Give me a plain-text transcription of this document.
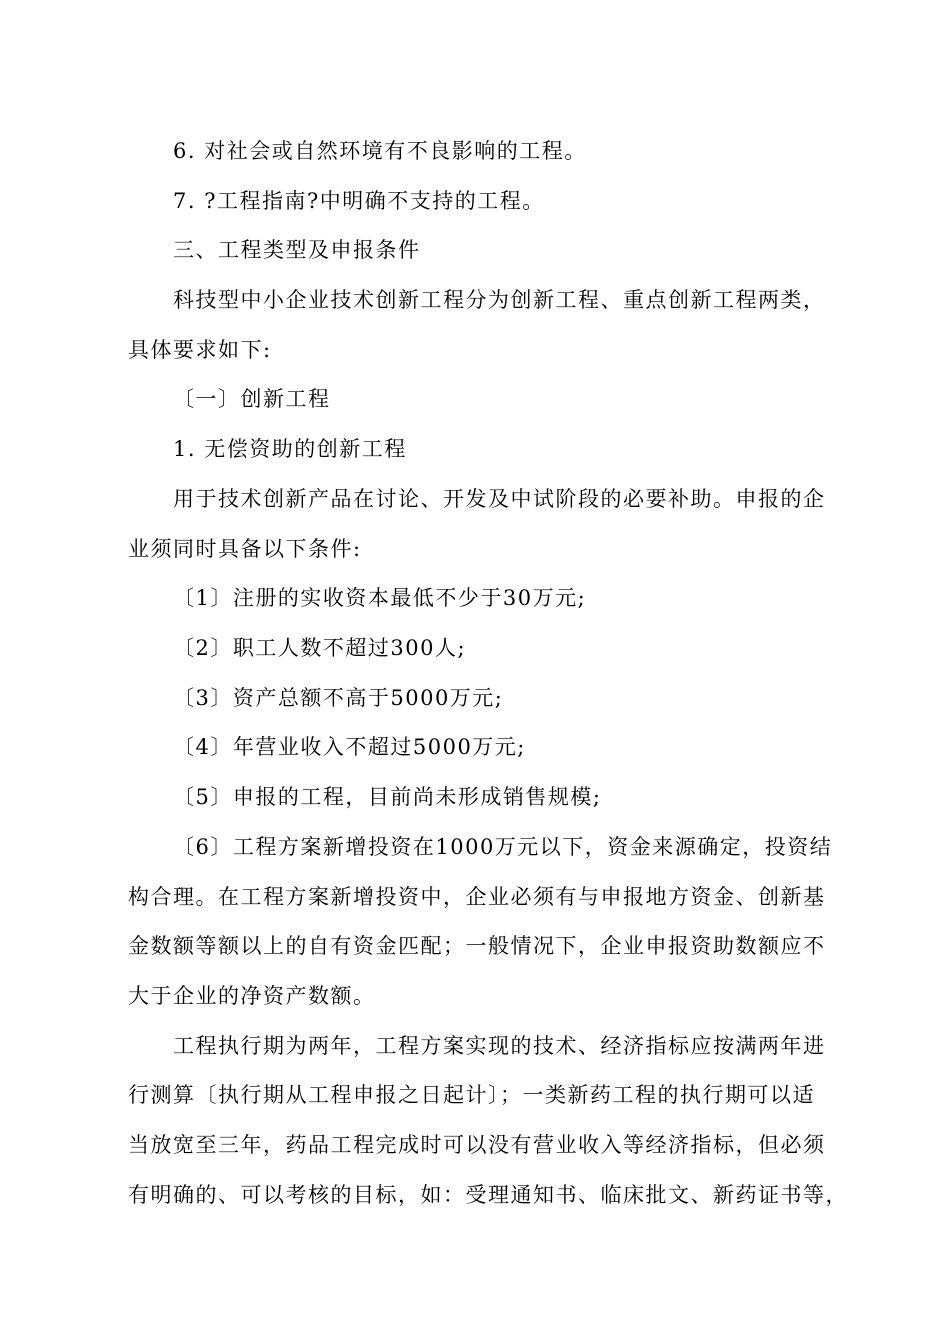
6. 对社会或自然环境有不良影响的工程。
7. ?工程指南?中明确不支持的工程。
三、工程类型及申报条件
科技型中小企业技术创新工程分为创新工程、重点创新工程两类，
具体要求如下:
〔一〕创新工程
1. 无偿资助的创新工程
用于技术创新产品在讨论、开发及中试阶段的必要补助。申报的企
业须同时具备以下条件:
〔1〕注册的实收资本最低不少于30万元;
〔2〕职工人数不超过300人;
〔3〕资产总额不高于5000万元;
〔4〕年营业收入不超过5000万元;
〔5〕申报的工程，目前尚未形成销售规模;
〔6〕工程方案新增投资在1000万元以下，资金来源确定，投资结
构合理。在工程方案新增投资中，企业必须有与申报地方资金、创新基
金数额等额以上的自有资金匹配；一般情况下，企业申报资助数额应不
大于企业的净资产数额。
工程执行期为两年，工程方案实现的技术、经济指标应按满两年进
行测算〔执行期从工程申报之日起计〕；一类新药工程的执行期可以适
当放宽至三年，药品工程完成时可以没有营业收入等经济指标，但必须
有明确的、可以考核的目标，如：受理通知书、临床批文、新药证书等，
